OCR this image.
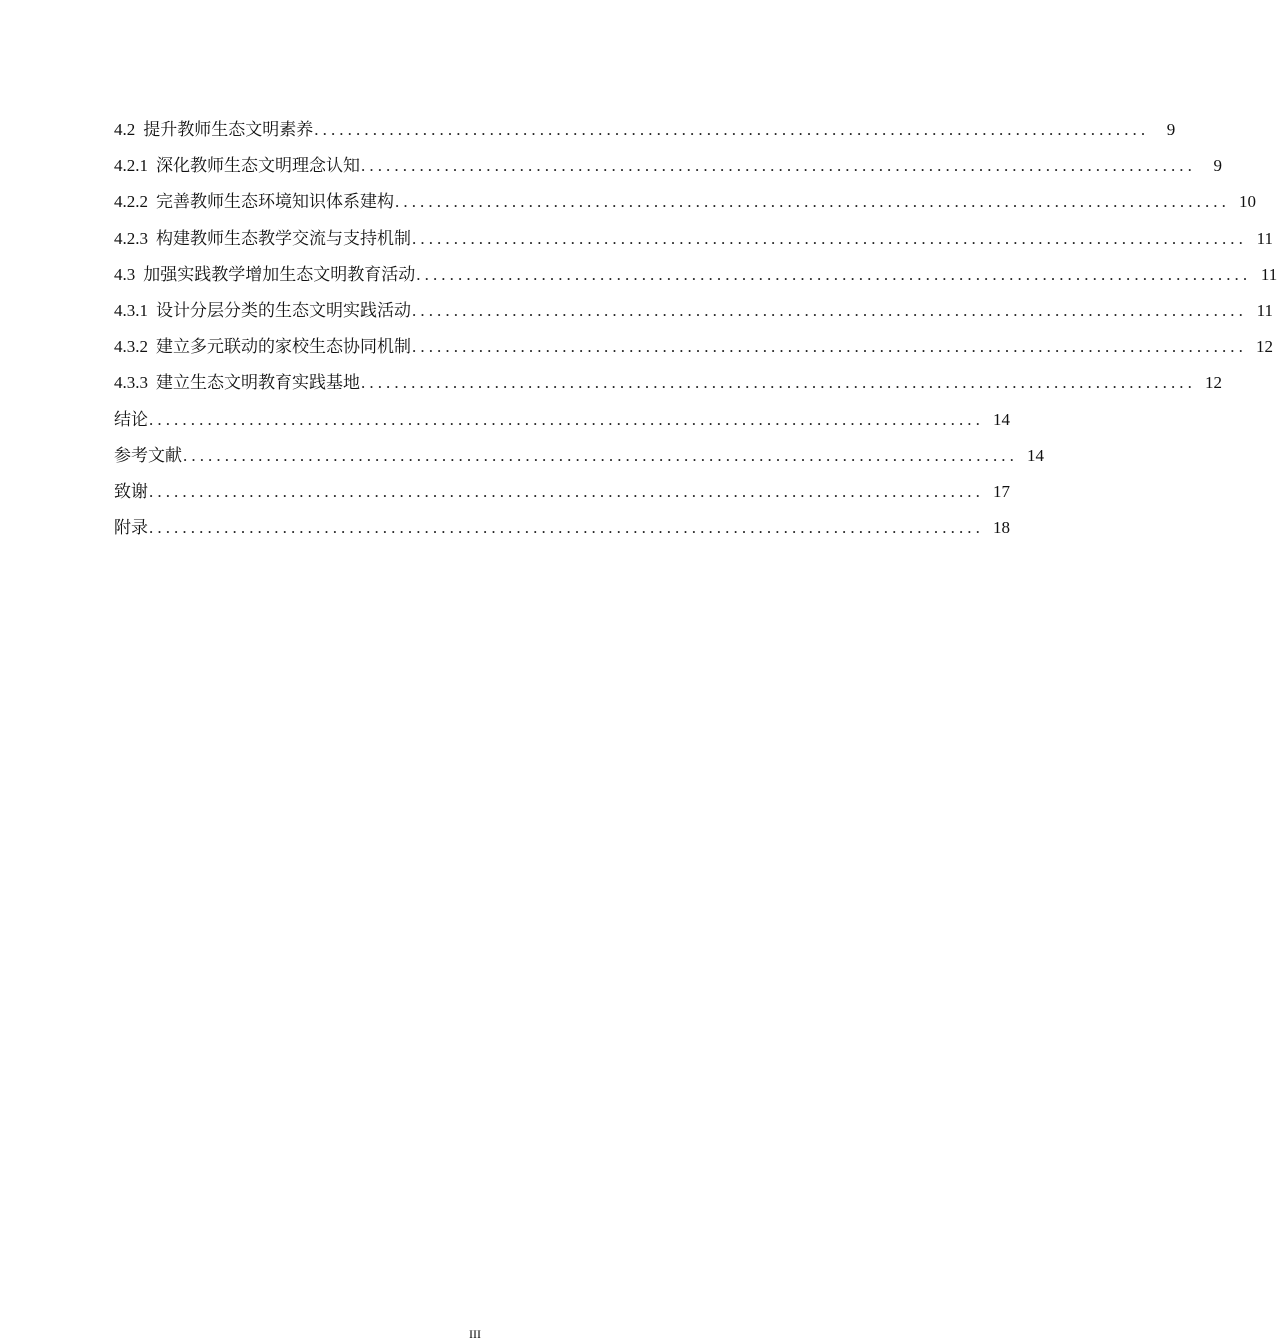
4.2 提升教师生态文明素养 ....................................................................................................	9
4.2.1 深化教师生态文明理念认知 ....................................................................................................	9
4.2.2 完善教师生态环境知识体系建构 .................................................................................................... 10
4.2.3 构建教师生态教学交流与支持机制 .................................................................................................... 11
4.3 加强实践教学增加生态文明教育活动 .................................................................................................... 11
4.3.1 设计分层分类的生态文明实践活动 .................................................................................................... 11
4.3.2 建立多元联动的家校生态协同机制 .................................................................................................... 12
4.3.3 建立生态文明教育实践基地 .................................................................................................... 12
结论 .................................................................................................... 14
参考文献 .................................................................................................... 14
致谢 .................................................................................................... 17
附录 .................................................................................................... 18
III
